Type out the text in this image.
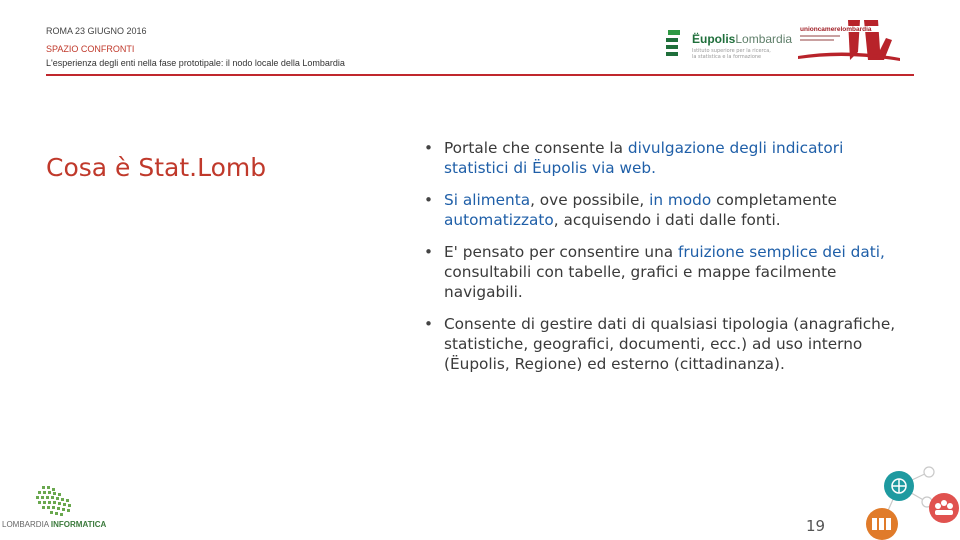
ROMA 23 GIUGNO 2016
SPAZIO CONFRONTI
L'esperienza degli enti nella fase prototipale: il nodo locale della Lombardia
ËupolisLombardia
Istituto superiore per la ricerca, la statistica e la formazione
unioncamerelombardia
Cosa è Stat.Lomb
• Portale che consente la divulgazione degli indicatori statistici di Ëupolis via web.
• Si alimenta, ove possibile, in modo completamente automatizzato, acquisendo i dati dalle fonti.
• E' pensato per consentire una fruizione semplice dei dati, consultabili con tabelle, grafici e mappe facilmente navigabili.
• Consente di gestire dati di qualsiasi tipologia (anagrafiche, statistiche, geografici, documenti, ecc.) ad uso interno (Ëupolis, Regione) ed esterno (cittadinanza).
LOMBARDIA INFORMATICA	19
